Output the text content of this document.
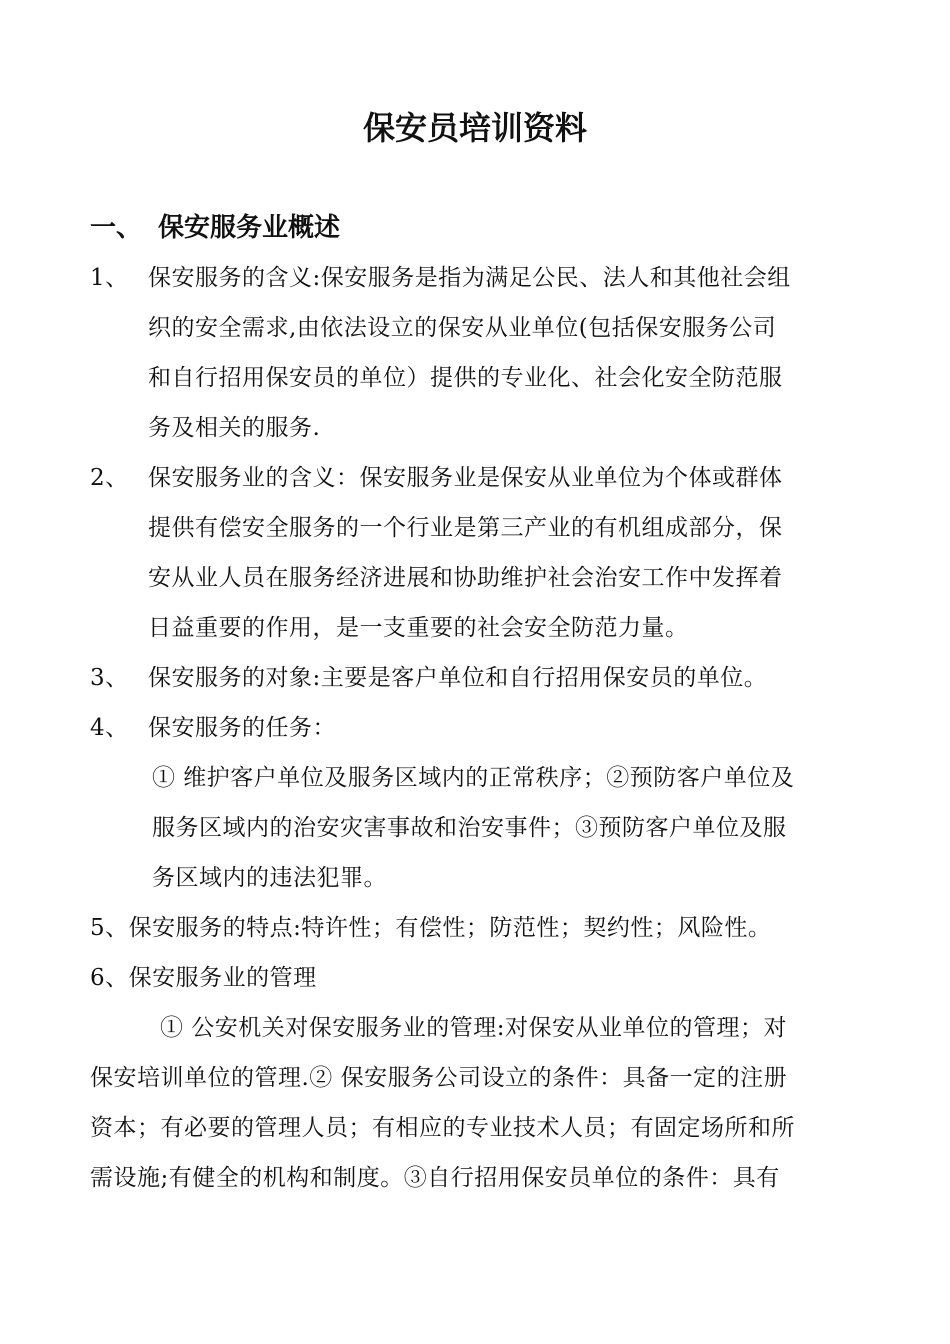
保安员培训资料
一、 保安服务业概述
1、 保安服务的含义:保安服务是指为满足公民、法人和其他社会组
织的安全需求,由依法设立的保安从业单位(包括保安服务公司
和自行招用保安员的单位）提供的专业化、社会化安全防范服
务及相关的服务.
2、 保安服务业的含义：保安服务业是保安从业单位为个体或群体
提供有偿安全服务的一个行业是第三产业的有机组成部分，保
安从业人员在服务经济进展和协助维护社会治安工作中发挥着
日益重要的作用，是一支重要的社会安全防范力量。
3、 保安服务的对象:主要是客户单位和自行招用保安员的单位。
4、 保安服务的任务：
① 维护客户单位及服务区域内的正常秩序；②预防客户单位及
服务区域内的治安灾害事故和治安事件；③预防客户单位及服
务区域内的违法犯罪。
5、保安服务的特点:特许性；有偿性；防范性；契约性；风险性。
6、保安服务业的管理
① 公安机关对保安服务业的管理:对保安从业单位的管理；对
保安培训单位的管理.② 保安服务公司设立的条件：具备一定的注册
资本；有必要的管理人员；有相应的专业技术人员；有固定场所和所
需设施;有健全的机构和制度。③自行招用保安员单位的条件：具有
